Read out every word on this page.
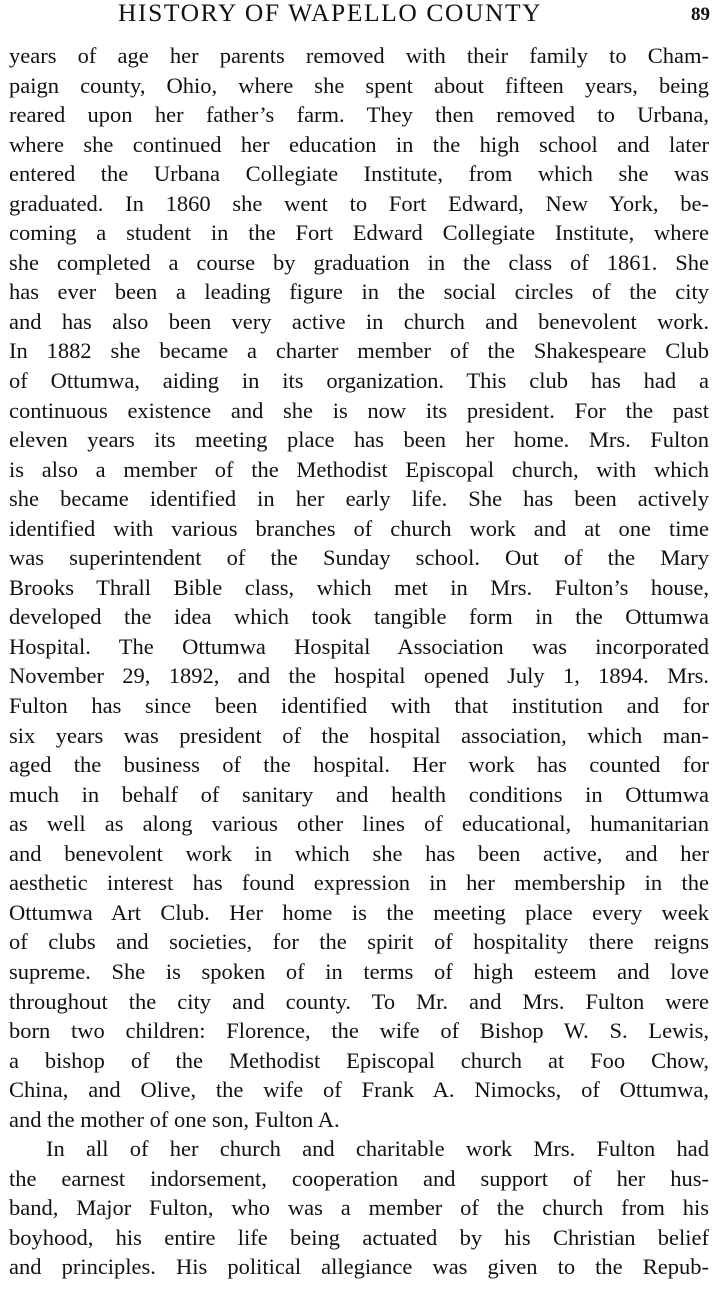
HISTORY OF WAPELLO COUNTY	89
years of age her parents removed with their family to Cham-
paign county, Ohio, where she spent about fifteen years, being
reared upon her father’s farm. They then removed to Urbana,
where she continued her education in the high school and later
entered the Urbana Collegiate Institute, from which she was
graduated. In 1860 she went to Fort Edward, New York, be-
coming a student in the Fort Edward Collegiate Institute, where
she completed a course by graduation in the class of 1861. She
has ever been a leading figure in the social circles of the city
and has also been very active in church and benevolent work.
In 1882 she became a charter member of the Shakespeare Club
of Ottumwa, aiding in its organization. This club has had a
continuous existence and she is now its president. For the past
eleven years its meeting place has been her home. Mrs. Fulton
is also a member of the Methodist Episcopal church, with which
she became identified in her early life. She has been actively
identified with various branches of church work and at one time
was superintendent of the Sunday school. Out of the Mary
Brooks Thrall Bible class, which met in Mrs. Fulton’s house,
developed the idea which took tangible form in the Ottumwa
Hospital. The Ottumwa Hospital Association was incorporated
November 29, 1892, and the hospital opened July 1, 1894. Mrs.
Fulton has since been identified with that institution and for
six years was president of the hospital association, which man-
aged the business of the hospital. Her work has counted for
much in behalf of sanitary and health conditions in Ottumwa
as well as along various other lines of educational, humanitarian
and benevolent work in which she has been active, and her
aesthetic interest has found expression in her membership in the
Ottumwa Art Club. Her home is the meeting place every week
of clubs and societies, for the spirit of hospitality there reigns
supreme. She is spoken of in terms of high esteem and love
throughout the city and county. To Mr. and Mrs. Fulton were
born two children: Florence, the wife of Bishop W. S. Lewis,
a bishop of the Methodist Episcopal church at Foo Chow,
China, and Olive, the wife of Frank A. Nimocks, of Ottumwa,
and the mother of one son, Fulton A.
In all of her church and charitable work Mrs. Fulton had
the earnest indorsement, cooperation and support of her hus-
band, Major Fulton, who was a member of the church from his
boyhood, his entire life being actuated by his Christian belief
and principles. His political allegiance was given to the Repub-
